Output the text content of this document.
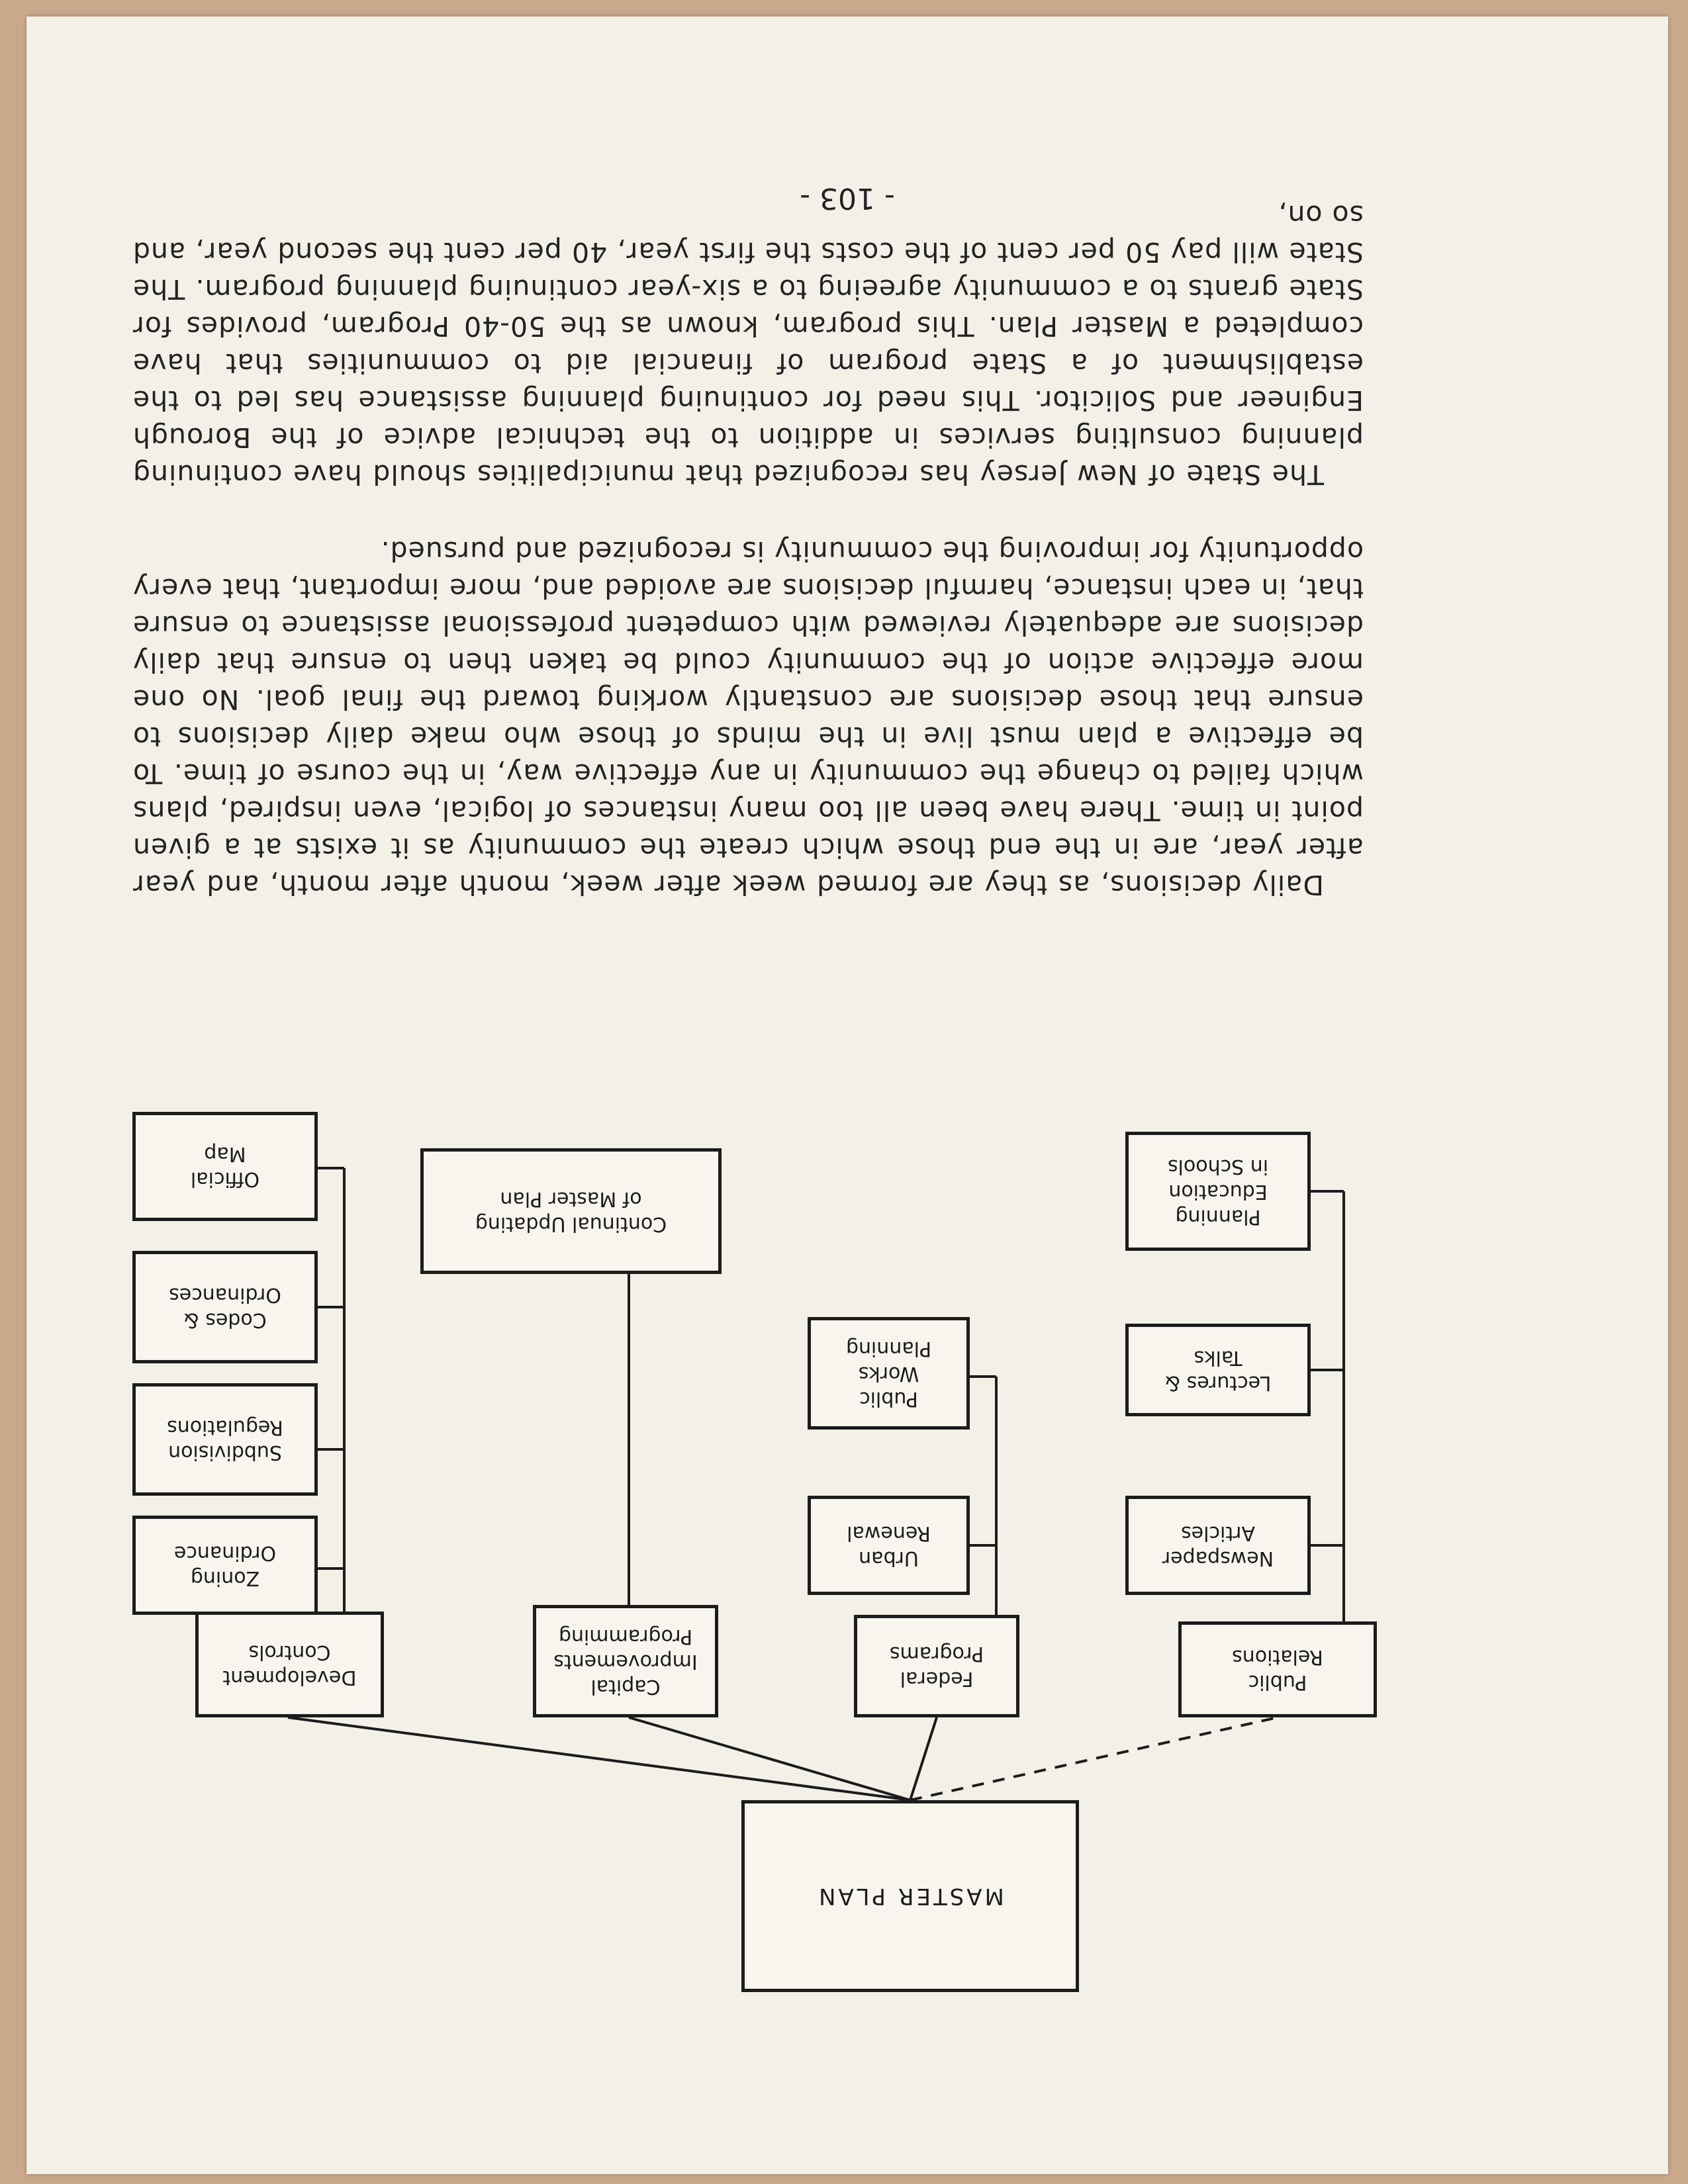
MASTER PLAN
Public
Relations
Newspaper
Articles
Lectures &
Talks
Planning
Education
in Schools
Federal
Programs
Urban
Renewal
Public
Works
Planning
Capital
Improvements
Programming
Continual Updating
of Master Plan
Development
Controls
Zoning
Ordinance
Subdivision
Regulations
Codes &
Ordinances
Official
Map

Daily decisions, as they are formed week after week, month after month, and year after year, are in the end those which create the community as it exists at a given point in time. There have been all too many instances of logical, even inspired, plans which failed to change the community in any effective way, in the course of time. To be effective a plan must live in the minds of those who make daily decisions to ensure that those decisions are constantly working toward the final goal. No one more effective action of the community could be taken then to ensure that daily decisions are adequately reviewed with competent professional assistance to ensure that, in each instance, harmful decisions are avoided and, more important, that every opportunity for improving the community is recognized and pursued.

The State of New Jersey has recognized that municipalities should have continuing planning consulting services in addition to the technical advice of the Borough Engineer and Solicitor. This need for continuing planning assistance has led to the establishment of a State program of financial aid to communities that have completed a Master Plan. This program, known as the 50-40 Program, provides for State grants to a community agreeing to a six-year continuing planning program. The State will pay 50 per cent of the costs the first year, 40 per cent the second year, and so on,

- 103 -
